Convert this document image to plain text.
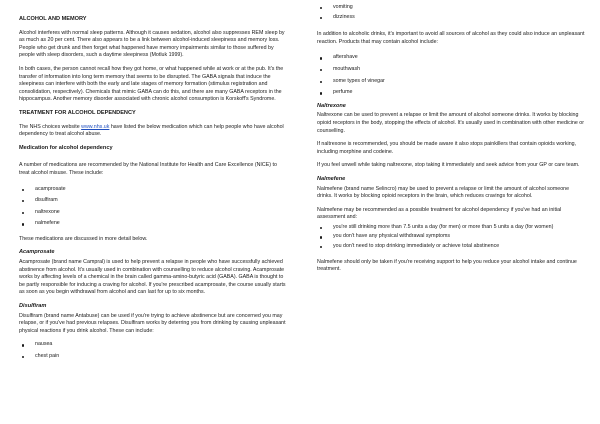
ALCOHOL AND MEMORY

Alcohol interferes with normal sleep patterns. Although it causes sedation, alcohol also suppresses REM sleep by as much as 20 per cent. There also appears to be a link between alcohol-induced sleepiness and memory loss. People who get drunk and then forget what happened have memory impairments similar to those suffered by people with sleep disorders, such a daytime sleepiness (Motluk 1999).

In both cases, the person cannot recall how they got home, or what happened while at work or at the pub. It's the transfer of information into long term memory that seems to be disrupted. The GABA signals that induce the sleepiness can interfere with both the early and late stages of memory formation (stimulus registration and consolidation, respectively). Chemicals that mimic GABA can do this, and there are many GABA receptors in the hippocampus. Another memory disorder associated with chronic alcohol consumption is Korskoff's Syndrome.

TREATMENT FOR ALCOHOL DEPENDENCY

The NHS choices website www.nhs.uk have listed the below medication which can help people who have alcohol dependency to treat alcohol abuse.

Medication for alcohol dependency

A number of medications are recommended by the National Institute for Health and Care Excellence (NICE) to treat alcohol misuse. These include:

acamprosate
disulfiram
naltrexone
nalmefene

These medications are discussed in more detail below.

Acamprosate

Acamprosate (brand name Campral) is used to help prevent a relapse in people who have successfully achieved abstinence from alcohol. It's usually used in combination with counselling to reduce alcohol craving. Acamprosate works by affecting levels of a chemical in the brain called gamma-amino-butyric acid (GABA). GABA is thought to be partly responsible for inducing a craving for alcohol. If you're prescribed acamprosate, the course usually starts as soon as you begin withdrawal from alcohol and can last for up to six months.

Disulfiram

Disulfiram (brand name Antabuse) can be used if you're trying to achieve abstinence but are concerned you may relapse, or if you've had previous relapses. Disulfiram works by deterring you from drinking by causing unpleasant physical reactions if you drink alcohol. These can include:

nausea
chest pain
vomiting
dizziness

In addition to alcoholic drinks, it's important to avoid all sources of alcohol as they could also induce an unpleasant reaction. Products that may contain alcohol include:

aftershave
mouthwash
some types of vinegar
perfume
Naltrexone

Naltrexone can be used to prevent a relapse or limit the amount of alcohol someone drinks. It works by blocking opioid receptors in the body, stopping the effects of alcohol. It's usually used in combination with other medicine or counselling.

If naltrexone is recommended, you should be made aware it also stops painkillers that contain opioids working, including morphine and codeine.

If you feel unwell while taking naltrexone, stop taking it immediately and seek advice from your GP or care team.

Nalmefene

Nalmefene (brand name Selincro) may be used to prevent a relapse or limit the amount of alcohol someone drinks. It works by blocking opioid receptors in the brain, which reduces cravings for alcohol.

Nalmefene may be recommended as a possible treatment for alcohol dependency if you've had an initial assessment and:

you're still drinking more than 7.5 units a day (for men) or more than 5 units a day (for women)
you don't have any physical withdrawal symptoms
you don't need to stop drinking immediately or achieve total abstinence

Nalmefene should only be taken if you're receiving support to help you reduce your alcohol intake and continue treatment.
